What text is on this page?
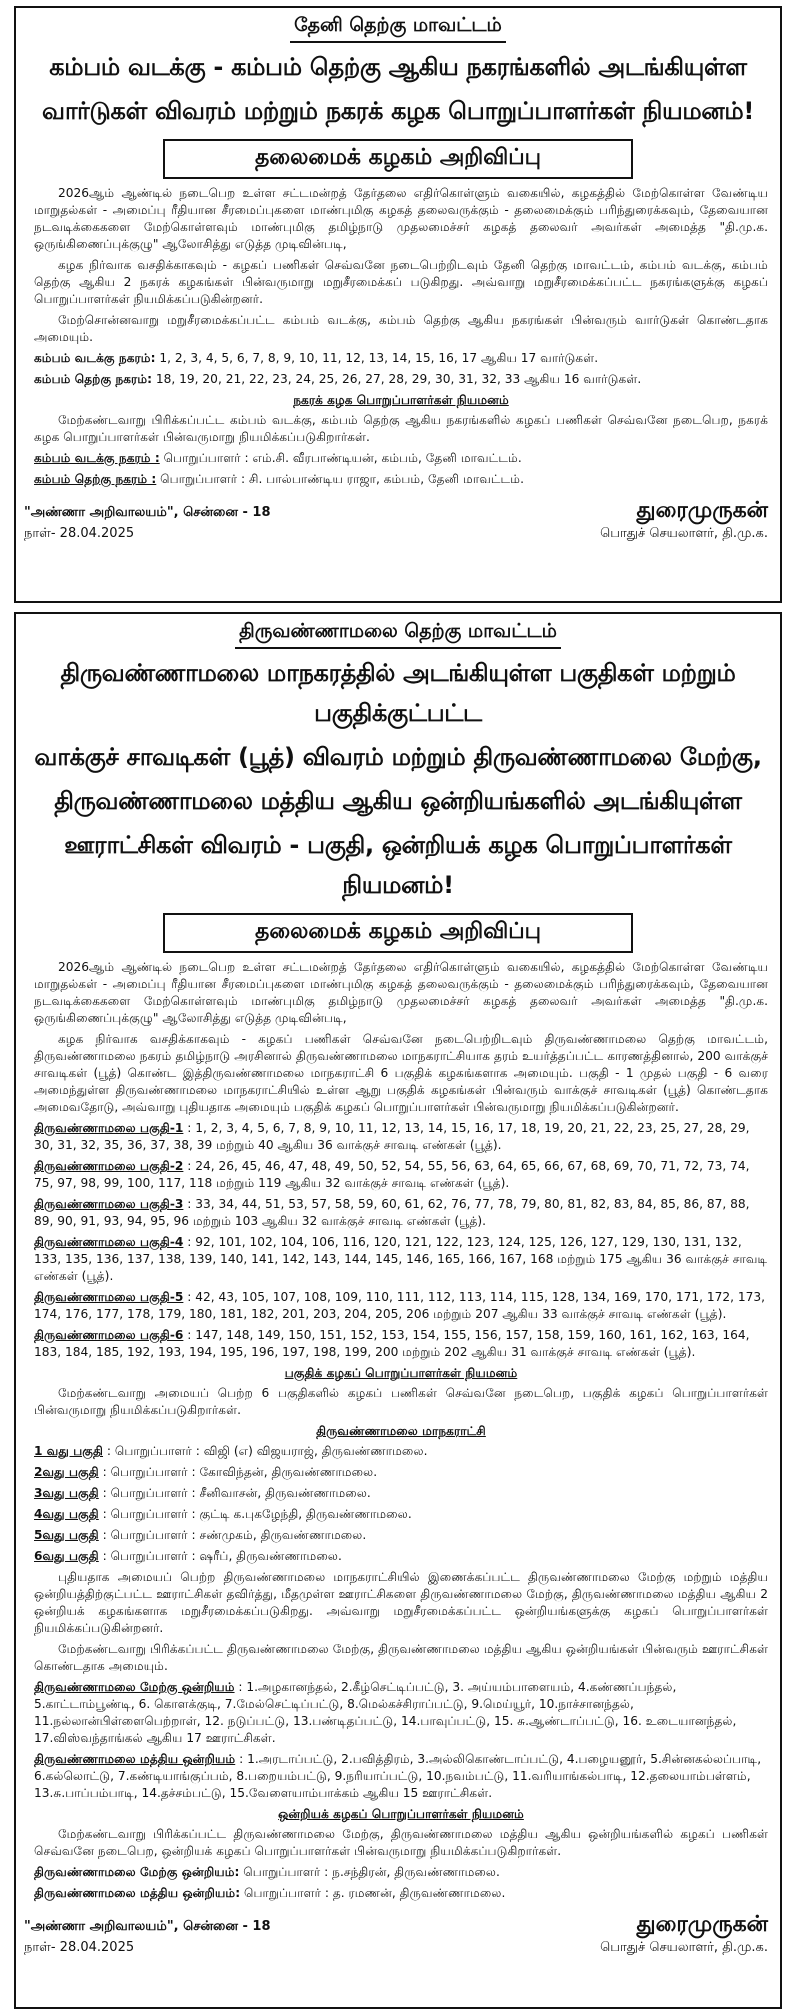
தேனி தெற்கு மாவட்டம்
கம்பம் வடக்கு - கம்பம் தெற்கு ஆகிய நகரங்களில் அடங்கியுள்ள
வார்டுகள் விவரம் மற்றும் நகரக் கழக பொறுப்பாளர்கள் நியமனம்!
தலைமைக் கழகம் அறிவிப்பு

2026ஆம் ஆண்டில் நடைபெற உள்ள சட்டமன்றத் தேர்தலை எதிர்கொள்ளும் வகையில், கழகத்தில் மேற்கொள்ள வேண்டிய மாறுதல்கள் - அமைப்பு ரீதியான சீரமைப்புகளை மாண்புமிகு கழகத் தலைவருக்கும் - தலைமைக்கும் பரிந்துரைக்கவும், தேவையான நடவடிக்கைகளை மேற்கொள்ளவும் மாண்புமிகு தமிழ்நாடு முதலமைச்சர் கழகத் தலைவர் அவர்கள் அமைத்த "தி.மு.க. ஒருங்கிணைப்புக்குழு" ஆலோசித்து எடுத்த முடிவின்படி,

கழக நிர்வாக வசதிக்காகவும் - கழகப் பணிகள் செவ்வனே நடைபெற்றிடவும் தேனி தெற்கு மாவட்டம், கம்பம் வடக்கு, கம்பம் தெற்கு ஆகிய 2 நகரக் கழகங்கள் பின்வருமாறு மறுசீரமைக்கப் படுகிறது. அவ்வாறு மறுசீரமைக்கப்பட்ட நகரங்களுக்கு கழகப் பொறுப்பாளர்கள் நியமிக்கப்படுகின்றனர்.

மேற்சொன்னவாறு மறுசீரமைக்கப்பட்ட கம்பம் வடக்கு, கம்பம் தெற்கு ஆகிய நகரங்கள் பின்வரும் வார்டுகள் கொண்டதாக அமையும்.

கம்பம் வடக்கு நகரம்: 1, 2, 3, 4, 5, 6, 7, 8, 9, 10, 11, 12, 13, 14, 15, 16, 17 ஆகிய 17 வார்டுகள்.
கம்பம் தெற்கு நகரம்: 18, 19, 20, 21, 22, 23, 24, 25, 26, 27, 28, 29, 30, 31, 32, 33 ஆகிய 16 வார்டுகள்.
நகரக் கழக பொறுப்பாளர்கள் நியமனம்

மேற்கண்டவாறு பிரிக்கப்பட்ட கம்பம் வடக்கு, கம்பம் தெற்கு ஆகிய நகரங்களில் கழகப் பணிகள் செவ்வனே நடைபெற, நகரக் கழக பொறுப்பாளர்கள் பின்வருமாறு நியமிக்கப்படுகிறார்கள்.

கம்பம் வடக்கு நகரம் : பொறுப்பாளர் : எம்.சி. வீரபாண்டியன், கம்பம், தேனி மாவட்டம்.
கம்பம் தெற்கு நகரம் : பொறுப்பாளர் : சி. பால்பாண்டிய ராஜா, கம்பம், தேனி மாவட்டம்.
"அண்ணா அறிவாலயம்", சென்னை - 18
நாள்- 28.04.2025
துரைமுருகன்
பொதுச் செயலாளர், தி.மு.க.
திருவண்ணாமலை தெற்கு மாவட்டம்
திருவண்ணாமலை மாநகரத்தில் அடங்கியுள்ள பகுதிகள் மற்றும் பகுதிக்குட்பட்ட
வாக்குச் சாவடிகள் (பூத்) விவரம் மற்றும் திருவண்ணாமலை மேற்கு,
திருவண்ணாமலை மத்திய ஆகிய ஒன்றியங்களில் அடங்கியுள்ள
ஊராட்சிகள் விவரம் - பகுதி, ஒன்றியக் கழக பொறுப்பாளர்கள் நியமனம்!
தலைமைக் கழகம் அறிவிப்பு

2026ஆம் ஆண்டில் நடைபெற உள்ள சட்டமன்றத் தேர்தலை எதிர்கொள்ளும் வகையில், கழகத்தில் மேற்கொள்ள வேண்டிய மாறுதல்கள் - அமைப்பு ரீதியான சீரமைப்புகளை மாண்புமிகு கழகத் தலைவருக்கும் - தலைமைக்கும் பரிந்துரைக்கவும், தேவையான நடவடிக்கைகளை மேற்கொள்ளவும் மாண்புமிகு தமிழ்நாடு முதலமைச்சர் கழகத் தலைவர் அவர்கள் அமைத்த "தி.மு.க. ஒருங்கிணைப்புக்குழு" ஆலோசித்து எடுத்த முடிவின்படி,

கழக நிர்வாக வசதிக்காகவும் - கழகப் பணிகள் செவ்வனே நடைபெற்றிடவும் திருவண்ணாமலை தெற்கு மாவட்டம், திருவண்ணாமலை நகரம் தமிழ்நாடு அரசினால் திருவண்ணாமலை மாநகராட்சியாக தரம் உயர்த்தப்பட்ட காரணத்தினால், 200 வாக்குச் சாவடிகள் (பூத்) கொண்ட இத்திருவண்ணாமலை மாநகராட்சி 6 பகுதிக் கழகங்களாக அமையும். பகுதி - 1 முதல் பகுதி - 6 வரை அமைந்துள்ள திருவண்ணாமலை மாநகராட்சியில் உள்ள ஆறு பகுதிக் கழகங்கள் பின்வரும் வாக்குச் சாவடிகள் (பூத்) கொண்டதாக அமைவதோடு, அவ்வாறு புதியதாக அமையும் பகுதிக் கழகப் பொறுப்பாளர்கள் பின்வருமாறு நியமிக்கப்படுகின்றனர்.

திருவண்ணாமலை பகுதி-1 : 1, 2, 3, 4, 5, 6, 7, 8, 9, 10, 11, 12, 13, 14, 15, 16, 17, 18, 19, 20, 21, 22, 23, 25, 27, 28, 29, 30, 31, 32, 35, 36, 37, 38, 39 மற்றும் 40 ஆகிய 36 வாக்குச் சாவடி எண்கள் (பூத்).
திருவண்ணாமலை பகுதி-2 : 24, 26, 45, 46, 47, 48, 49, 50, 52, 54, 55, 56, 63, 64, 65, 66, 67, 68, 69, 70, 71, 72, 73, 74, 75, 97, 98, 99, 100, 117, 118 மற்றும் 119 ஆகிய 32 வாக்குச் சாவடி எண்கள் (பூத்).
திருவண்ணாமலை பகுதி-3 : 33, 34, 44, 51, 53, 57, 58, 59, 60, 61, 62, 76, 77, 78, 79, 80, 81, 82, 83, 84, 85, 86, 87, 88, 89, 90, 91, 93, 94, 95, 96 மற்றும் 103 ஆகிய 32 வாக்குச் சாவடி எண்கள் (பூத்).
திருவண்ணாமலை பகுதி-4 : 92, 101, 102, 104, 106, 116, 120, 121, 122, 123, 124, 125, 126, 127, 129, 130, 131, 132, 133, 135, 136, 137, 138, 139, 140, 141, 142, 143, 144, 145, 146, 165, 166, 167, 168 மற்றும் 175 ஆகிய 36 வாக்குச் சாவடி எண்கள் (பூத்).
திருவண்ணாமலை பகுதி-5 : 42, 43, 105, 107, 108, 109, 110, 111, 112, 113, 114, 115, 128, 134, 169, 170, 171, 172, 173, 174, 176, 177, 178, 179, 180, 181, 182, 201, 203, 204, 205, 206 மற்றும் 207 ஆகிய 33 வாக்குச் சாவடி எண்கள் (பூத்).
திருவண்ணாமலை பகுதி-6 : 147, 148, 149, 150, 151, 152, 153, 154, 155, 156, 157, 158, 159, 160, 161, 162, 163, 164, 183, 184, 185, 192, 193, 194, 195, 196, 197, 198, 199, 200 மற்றும் 202 ஆகிய 31 வாக்குச் சாவடி எண்கள் (பூத்).
பகுதிக் கழகப் பொறுப்பாளர்கள் நியமனம்

மேற்கண்டவாறு அமையப் பெற்ற 6 பகுதிகளில் கழகப் பணிகள் செவ்வனே நடைபெற, பகுதிக் கழகப் பொறுப்பாளர்கள் பின்வருமாறு நியமிக்கப்படுகிறார்கள்.

திருவண்ணாமலை மாநகராட்சி
1 வது பகுதி : பொறுப்பாளர் : விஜி (எ) விஜயராஜ், திருவண்ணாமலை.
2வது பகுதி : பொறுப்பாளர் : கோவிந்தன், திருவண்ணாமலை.
3வது பகுதி : பொறுப்பாளர் : சீனிவாசன், திருவண்ணாமலை.
4வது பகுதி : பொறுப்பாளர் : குட்டி க.புகழேந்தி, திருவண்ணாமலை.
5வது பகுதி : பொறுப்பாளர் : சண்முகம், திருவண்ணாமலை.
6வது பகுதி : பொறுப்பாளர் : ஷரீப், திருவண்ணாமலை.

புதியதாக அமையப் பெற்ற திருவண்ணாமலை மாநகராட்சியில் இணைக்கப்பட்ட திருவண்ணாமலை மேற்கு மற்றும் மத்திய ஒன்றியத்திற்குட்பட்ட ஊராட்சிகள் தவிர்த்து, மீதமுள்ள ஊராட்சிகளை திருவண்ணாமலை மேற்கு, திருவண்ணாமலை மத்திய ஆகிய 2 ஒன்றியக் கழகங்களாக மறுசீரமைக்கப்படுகிறது. அவ்வாறு மறுசீரமைக்கப்பட்ட ஒன்றியங்களுக்கு கழகப் பொறுப்பாளர்கள் நியமிக்கப்படுகின்றனர்.

மேற்கண்டவாறு பிரிக்கப்பட்ட திருவண்ணாமலை மேற்கு, திருவண்ணாமலை மத்திய ஆகிய ஒன்றியங்கள் பின்வரும் ஊராட்சிகள் கொண்டதாக அமையும்.

திருவண்ணாமலை மேற்கு ஒன்றியம் : 1.அழகானந்தல், 2.கீழ்செட்டிப்பட்டு, 3. அய்யம்பாளையம், 4.கண்ணப்பந்தல், 5.காட்டாம்பூண்டி, 6. கொளக்குடி, 7.மேல்செட்டிப்பட்டு, 8.மெல்கச்சிராப்பட்டு, 9.மெய்யூர், 10.நாச்சானந்தல், 11.நல்லான்பிள்ளைபெற்றாள், 12. நடுப்பட்டு, 13.பண்டிதப்பட்டு, 14.பாவுப்பட்டு, 15. சு.ஆண்டாப்பட்டு, 16. உடையானந்தல், 17.விஸ்வந்தாங்கல் ஆகிய 17 ஊராட்சிகள்.
திருவண்ணாமலை மத்திய ஒன்றியம் : 1.அரடாப்பட்டு, 2.பவித்திரம், 3.அல்லிகொண்டாப்பட்டு, 4.பழையனூர், 5.சின்னகல்லப்பாடி, 6.கல்லொட்டு, 7.கண்டியாங்குப்பம், 8.பறையம்பட்டு, 9.நரியாப்பட்டு, 10.நவம்பட்டு, 11.வரியாங்கல்பாடி, 12.தலையாம்பள்ளம், 13.சு.பாப்பம்பாடி, 14.தச்சம்பட்டு, 15.வேளையாம்பாக்கம் ஆகிய 15 ஊராட்சிகள்.
ஒன்றியக் கழகப் பொறுப்பாளர்கள் நியமனம்

மேற்கண்டவாறு பிரிக்கப்பட்ட திருவண்ணாமலை மேற்கு, திருவண்ணாமலை மத்திய ஆகிய ஒன்றியங்களில் கழகப் பணிகள் செவ்வனே நடைபெற, ஒன்றியக் கழகப் பொறுப்பாளர்கள் பின்வருமாறு நியமிக்கப்படுகிறார்கள்.

திருவண்ணாமலை மேற்கு ஒன்றியம்: பொறுப்பாளர் : ந.சந்திரன், திருவண்ணாமலை.
திருவண்ணாமலை மத்திய ஒன்றியம்: பொறுப்பாளர் : த. ரமணன், திருவண்ணாமலை.
"அண்ணா அறிவாலயம்", சென்னை - 18
நாள்- 28.04.2025
துரைமுருகன்
பொதுச் செயலாளர், தி.மு.க.
